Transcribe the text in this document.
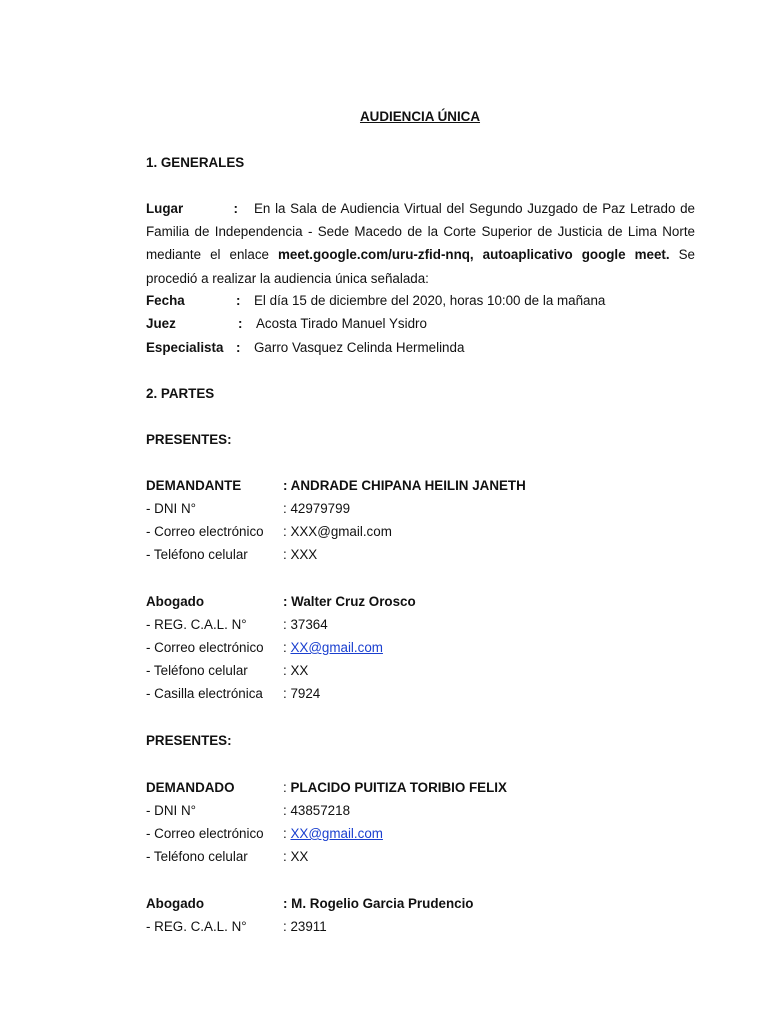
AUDIENCIA ÚNICA
1. GENERALES
Lugar	: En la Sala de Audiencia Virtual del Segundo Juzgado de Paz Letrado de Familia de Independencia - Sede Macedo de la Corte Superior de Justicia de Lima Norte mediante el enlace meet.google.com/uru-zfid-nnq, autoaplicativo google meet. Se procedió a realizar la audiencia única señalada:
Fecha	: El día 15 de diciembre del 2020, horas 10:00 de la mañana
Juez	: Acosta Tirado Manuel Ysidro
Especialista : Garro Vasquez Celinda Hermelinda
2. PARTES
PRESENTES:
DEMANDANTE	: ANDRADE CHIPANA HEILIN JANETH
- DNI N°	: 42979799
- Correo electrónico : XXX@gmail.com
- Teléfono celular	: XXX
Abogado	: Walter Cruz Orosco
- REG. C.A.L. N°	: 37364
- Correo electrónico : XX@gmail.com
- Teléfono celular	: XX
- Casilla electrónica : 7924
PRESENTES:
DEMANDADO	: PLACIDO PUITIZA TORIBIO FELIX
- DNI N°	: 43857218
- Correo electrónico : XX@gmail.com
- Teléfono celular	: XX
Abogado	: M. Rogelio Garcia Prudencio
- REG. C.A.L. N°	: 23911
